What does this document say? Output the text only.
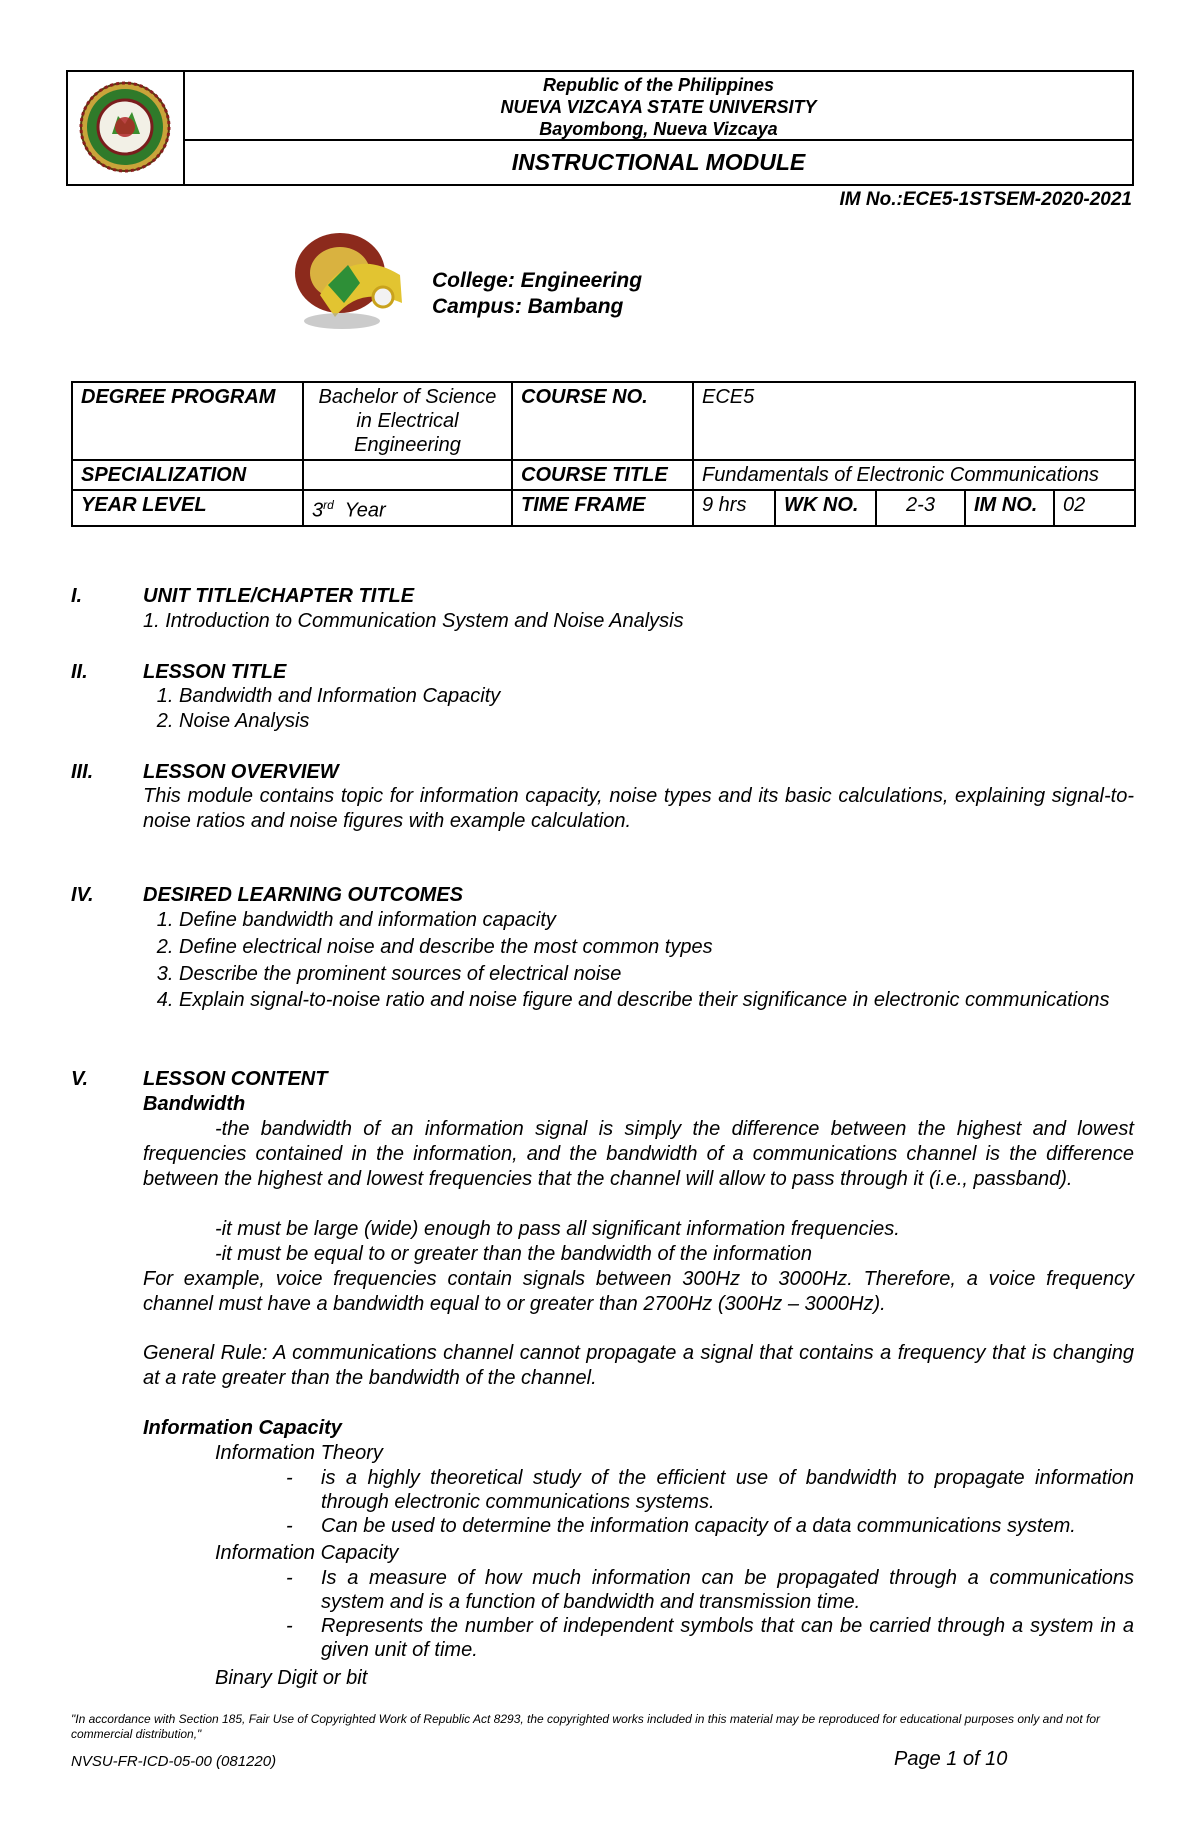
Republic of the Philippines
NUEVA VIZCAYA STATE UNIVERSITY
Bayombong, Nueva Vizcaya
INSTRUCTIONAL MODULE
IM No.:ECE5-1STSEM-2020-2021
College: Engineering
Campus: Bambang
DEGREE PROGRAM	Bachelor of Science in Electrical Engineering	COURSE NO.	ECE5				
SPECIALIZATION		COURSE TITLE	Fundamentals of Electronic Communications				
YEAR LEVEL	3rd Year	TIME FRAME	9 hrs	WK NO.	2-3	IM NO.	02
I.	UNIT TITLE/CHAPTER TITLE
1. Introduction to Communication System and Noise Analysis
II.	LESSON TITLE
1. Bandwidth and Information Capacity
2. Noise Analysis
III. LESSON OVERVIEW
This module contains topic for information capacity, noise types and its basic calculations, explaining signal-to-noise ratios and noise figures with example calculation.
IV. DESIRED LEARNING OUTCOMES
1. Define bandwidth and information capacity
2. Define electrical noise and describe the most common types
3. Describe the prominent sources of electrical noise
4. Explain signal-to-noise ratio and noise figure and describe their significance in electronic communications
V.	LESSON CONTENT
Bandwidth
-the bandwidth of an information signal is simply the difference between the highest and lowest frequencies contained in the information, and the bandwidth of a communications channel is the difference between the highest and lowest frequencies that the channel will allow to pass through it (i.e., passband).
-it must be large (wide) enough to pass all significant information frequencies.
-it must be equal to or greater than the bandwidth of the information
For example, voice frequencies contain signals between 300Hz to 3000Hz. Therefore, a voice frequency channel must have a bandwidth equal to or greater than 2700Hz (300Hz – 3000Hz).
General Rule: A communications channel cannot propagate a signal that contains a frequency that is changing at a rate greater than the bandwidth of the channel.
Information Capacity
Information Theory
- is a highly theoretical study of the efficient use of bandwidth to propagate information through electronic communications systems.
- Can be used to determine the information capacity of a data communications system.
Information Capacity
- Is a measure of how much information can be propagated through a communications system and is a function of bandwidth and transmission time.
- Represents the number of independent symbols that can be carried through a system in a given unit of time.
Binary Digit or bit
"In accordance with Section 185, Fair Use of Copyrighted Work of Republic Act 8293, the copyrighted works included in this material may be reproduced for educational purposes only and not for commercial distribution,"
NVSU-FR-ICD-05-00 (081220)	Page 1 of 10
